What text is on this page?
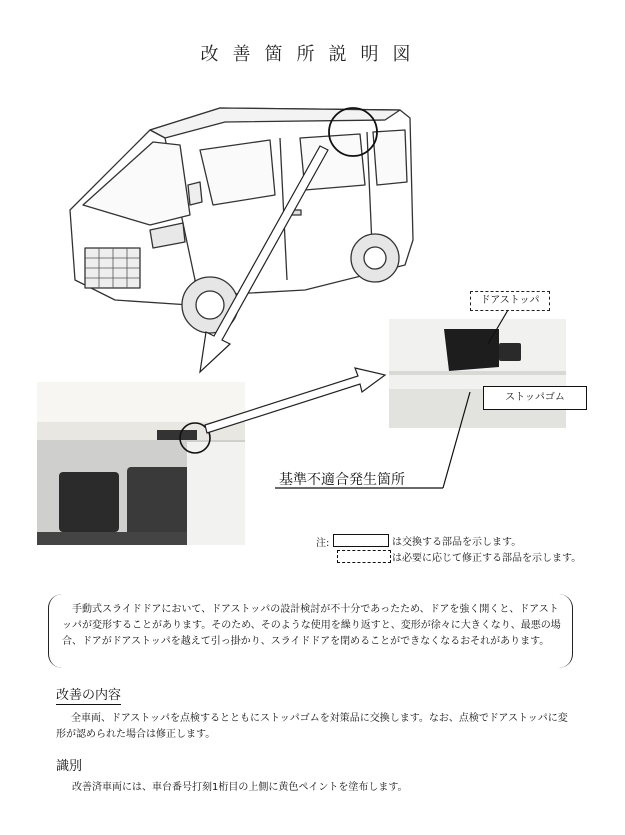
改善箇所説明図
ドアストッパ
ストッパゴム
基準不適合発生箇所
注:	は交換する部品を示します。
は必要に応じて修正する部品を示します。
手動式スライドドアにおいて、ドアストッパの設計検討が不十分であったため、ドアを強く開くと、ドアストッパが変形することがあります。そのため、そのような使用を繰り返すと、変形が徐々に大きくなり、最悪の場合、ドアがドアストッパを越えて引っ掛かり、スライドドアを閉めることができなくなるおそれがあります。
改善の内容
全車両、ドアストッパを点検するとともにストッパゴムを対策品に交換します。なお、点検でドアストッパに変形が認められた場合は修正します。
識別
改善済車両には、車台番号打刻1桁目の上側に黄色ペイントを塗布します。
